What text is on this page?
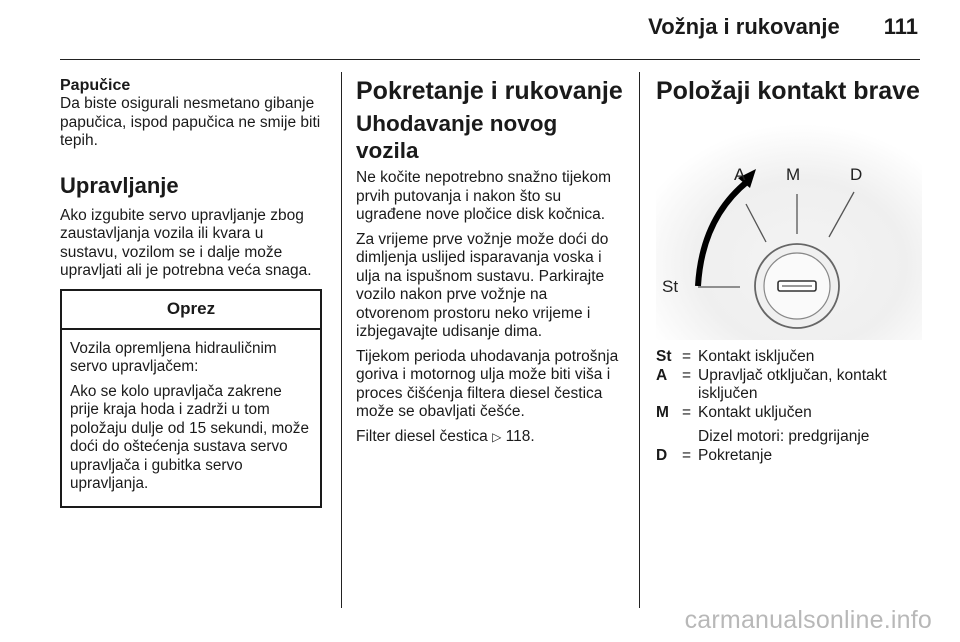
Vožnja i rukovanje 111
Papučice

Da biste osigurali nesmetano gibanje papučica, ispod papučica ne smije biti tepih.

Upravljanje

Ako izgubite servo upravljanje zbog zaustavljanja vozila ili kvara u sustavu, vozilom se i dalje može upravljati ali je potrebna veća snaga.

Oprez

Vozila opremljena hidrauličnim servo upravljačem:

Ako se kolo upravljača zakrene prije kraja hoda i zadrži u tom položaju dulje od 15 sekundi, može doći do oštećenja sustava servo upravljača i gubitka servo upravljanja.

Pokretanje i rukovanje
Uhodavanje novog vozila

Ne kočite nepotrebno snažno tijekom prvih putovanja i nakon što su ugrađene nove pločice disk kočnica.

Za vrijeme prve vožnje može doći do dimljenja uslijed isparavanja voska i ulja na ispušnom sustavu. Parkirajte vozilo nakon prve vožnje na otvorenom prostoru neko vrijeme i izbjegavajte udisanje dima.

Tijekom perioda uhodavanja potrošnja goriva i motornog ulja može biti viša i proces čišćenja filtera diesel čestica može se obavljati češće.

Filter diesel čestica ▷ 118.

Položaji kontakt brave
A M	D
St
St = Kontakt isključen
A = Upravljač otključan, kontakt isključen
M = Kontakt uključen
Dizel motori: predgrijanje
D = Pokretanje
carmanualsonline.info
